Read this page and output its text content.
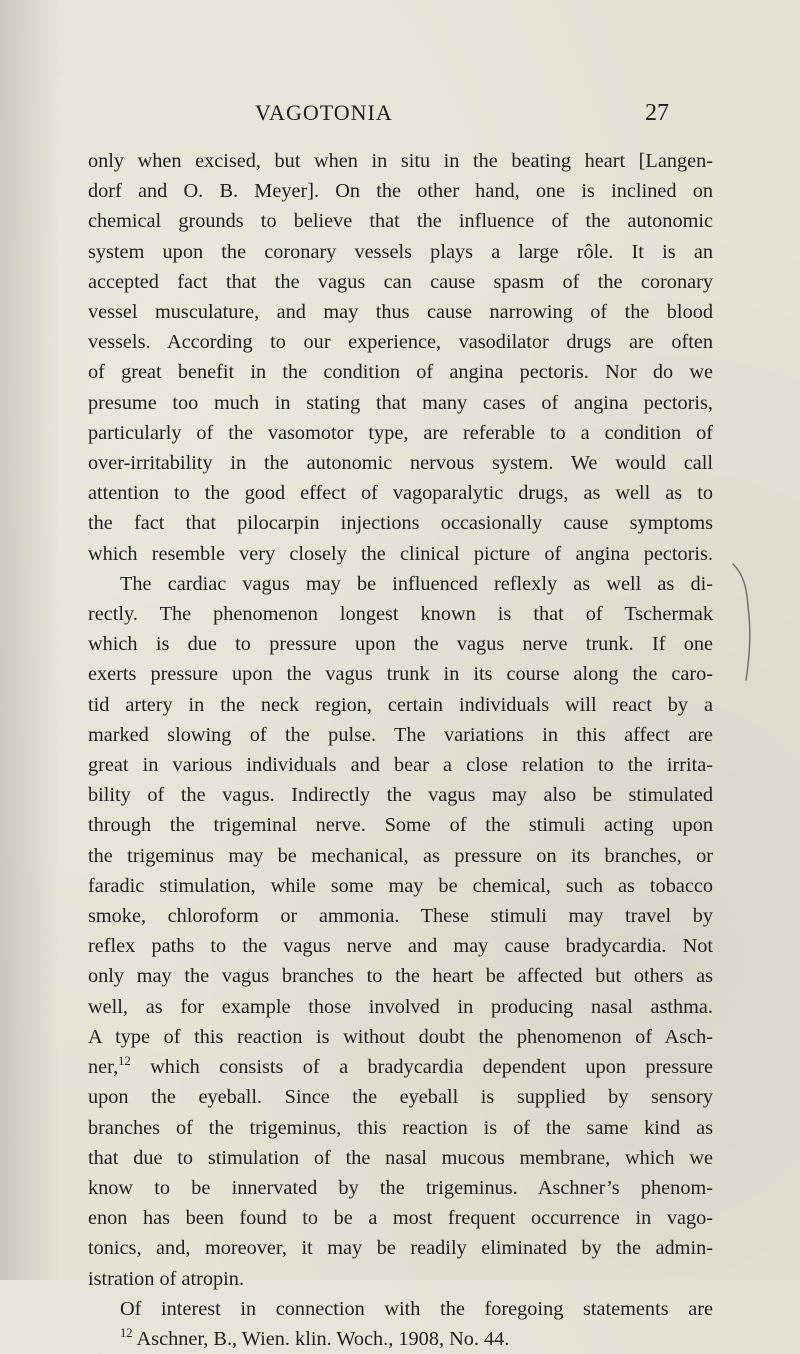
VAGOTONIA	27
only when excised, but when in situ in the beating heart [Langen-
dorf and O. B. Meyer]. On the other hand, one is inclined on
chemical grounds to believe that the influence of the autonomic
system upon the coronary vessels plays a large rôle. It is an
accepted fact that the vagus can cause spasm of the coronary
vessel musculature, and may thus cause narrowing of the blood
vessels. According to our experience, vasodilator drugs are often
of great benefit in the condition of angina pectoris. Nor do we
presume too much in stating that many cases of angina pectoris,
particularly of the vasomotor type, are referable to a condition of
over-irritability in the autonomic nervous system. We would call
attention to the good effect of vagoparalytic drugs, as well as to
the fact that pilocarpin injections occasionally cause symptoms
which resemble very closely the clinical picture of angina pectoris.
The cardiac vagus may be influenced reflexly as well as di-
rectly. The phenomenon longest known is that of Tschermak
which is due to pressure upon the vagus nerve trunk. If one
exerts pressure upon the vagus trunk in its course along the caro-
tid artery in the neck region, certain individuals will react by a
marked slowing of the pulse. The variations in this affect are
great in various individuals and bear a close relation to the irrita-
bility of the vagus. Indirectly the vagus may also be stimulated
through the trigeminal nerve. Some of the stimuli acting upon
the trigeminus may be mechanical, as pressure on its branches, or
faradic stimulation, while some may be chemical, such as tobacco
smoke, chloroform or ammonia. These stimuli may travel by
reflex paths to the vagus nerve and may cause bradycardia. Not
only may the vagus branches to the heart be affected but others as
well, as for example those involved in producing nasal asthma.
A type of this reaction is without doubt the phenomenon of Asch-
ner,$^{12}$ which consists of a bradycardia dependent upon pressure
upon the eyeball. Since the eyeball is supplied by sensory
branches of the trigeminus, this reaction is of the same kind as
that due to stimulation of the nasal mucous membrane, which we
know to be innervated by the trigeminus. Aschner’s phenom-
enon has been found to be a most frequent occurrence in vago-
tonics, and, moreover, it may be readily eliminated by the admin-
istration of atropin.
Of interest in connection with the foregoing statements are
$^{12}$ Aschner, B., Wien. klin. Woch., 1908, No. 44.
